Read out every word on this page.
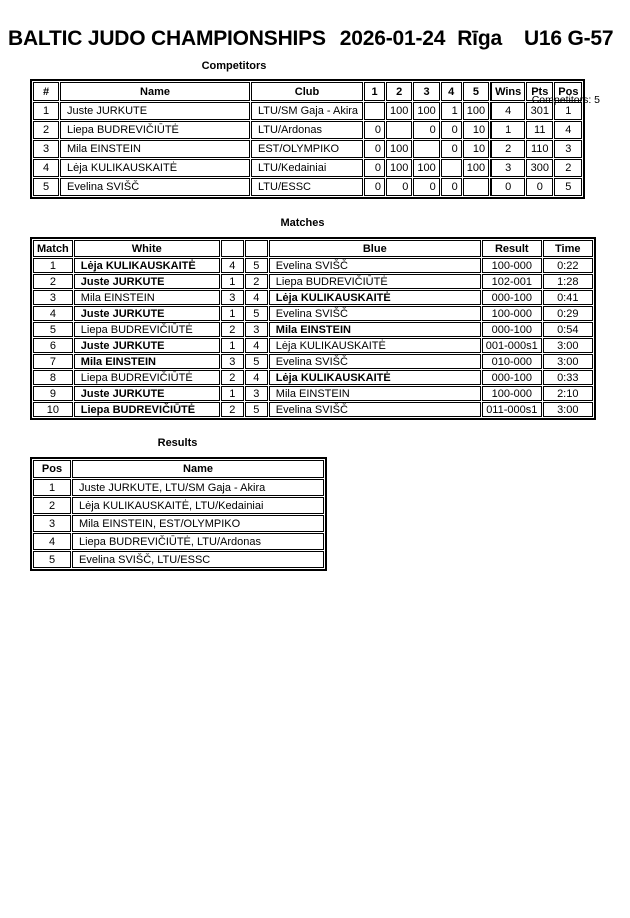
BALTIC JUDO CHAMPIONSHIPS 2026-01-24 Rīga U16 G-57
Competitors
Competitors: 5
#	Name	Club	1	2	3	4	5	Wins	Pts	Pos
1	Juste JURKUTE	LTU/SM Gaja - Akira		100	100	1	100	4	301	1
2	Liepa BUDREVIČIŪTĖ	LTU/Ardonas	0		0	0	10	1	11	4
3	Mila EINSTEIN	EST/OLYMPIKO	0	100		0	10	2	110	3
4	Lėja KULIKAUSKAITĖ	LTU/Kedainiai	0	100	100		100	3	300	2
5	Evelina SVIŠČ	LTU/ESSC	0	0	0	0		0	0	5
Matches
Match	White			Blue	Result	Time
1	Lėja KULIKAUSKAITĖ	4	5	Evelina SVIŠČ	100-000	0:22
2	Juste JURKUTE	1	2	Liepa BUDREVIČIŪTĖ	102-001	1:28
3	Mila EINSTEIN	3	4	Lėja KULIKAUSKAITĖ	000-100	0:41
4	Juste JURKUTE	1	5	Evelina SVIŠČ	100-000	0:29
5	Liepa BUDREVIČIŪTĖ	2	3	Mila EINSTEIN	000-100	0:54
6	Juste JURKUTE	1	4	Lėja KULIKAUSKAITĖ	001-000s1	3:00
7	Mila EINSTEIN	3	5	Evelina SVIŠČ	010-000	3:00
8	Liepa BUDREVIČIŪTĖ	2	4	Lėja KULIKAUSKAITĖ	000-100	0:33
9	Juste JURKUTE	1	3	Mila EINSTEIN	100-000	2:10
10	Liepa BUDREVIČIŪTĖ	2	5	Evelina SVIŠČ	011-000s1	3:00
Results
Pos	Name
1	Juste JURKUTE, LTU/SM Gaja - Akira
2	Lėja KULIKAUSKAITĖ, LTU/Kedainiai
3	Mila EINSTEIN, EST/OLYMPIKO
4	Liepa BUDREVIČIŪTĖ, LTU/Ardonas
5	Evelina SVIŠČ, LTU/ESSC
